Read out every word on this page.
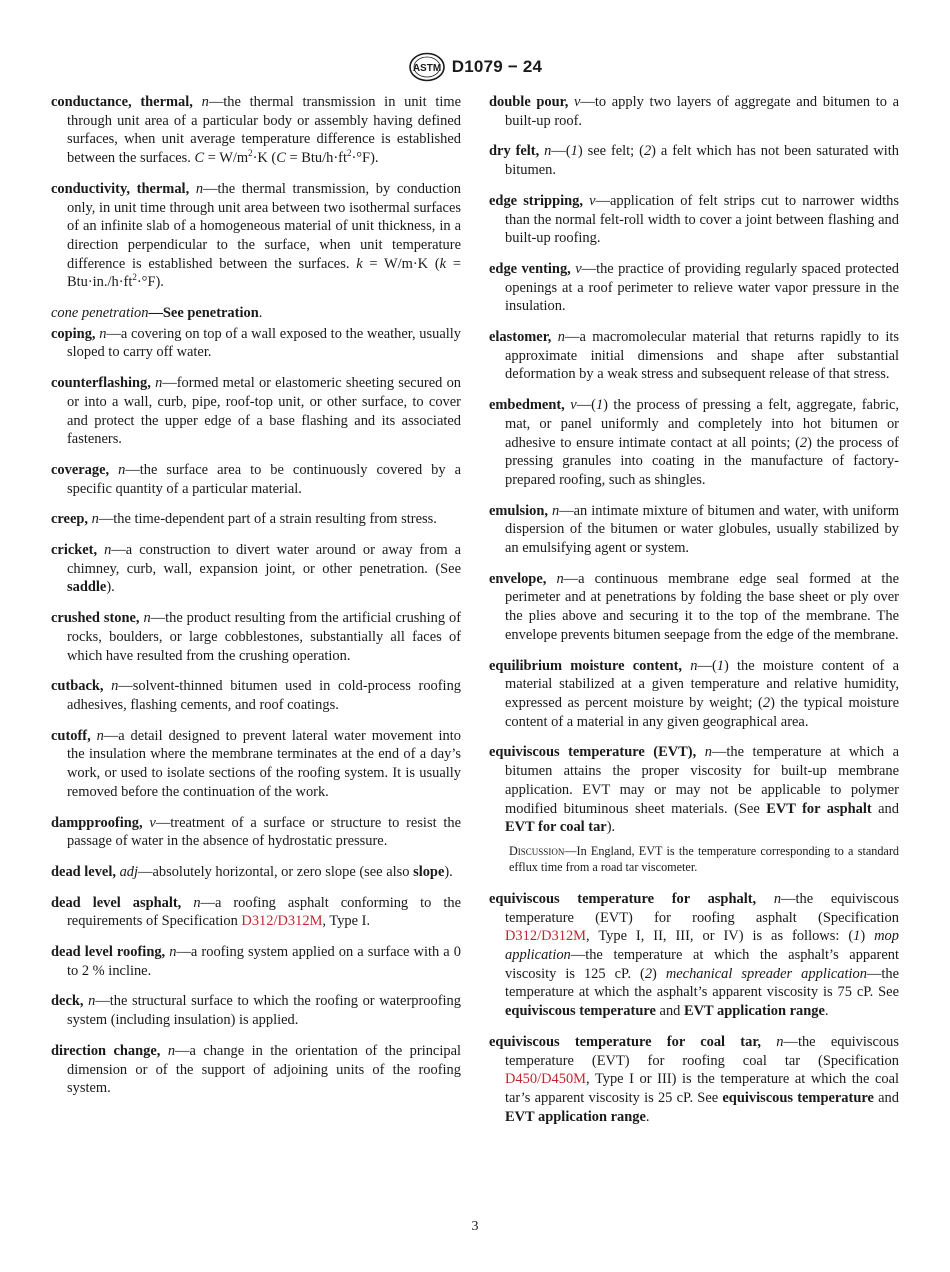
ASTM D1079 − 24

conductance, thermal, n—the thermal transmission in unit time through unit area of a particular body or assembly having defined surfaces, when unit average temperature difference is established between the surfaces. $C = W/m^2\cdot K$ (C = Btu/$h\cdot ft^2\cdot^\circ F$).

conductivity, thermal, n—the thermal transmission, by conduction only, in unit time through unit area between two isothermal surfaces of an infinite slab of a homogeneous material of unit thickness, in a direction perpendicular to the surface, when unit temperature difference is established between the surfaces. k = W/m·K $(k = Btu\cdot in./h\cdot ft^2\cdot^\circ F)$.

cone penetration—See penetration.

coping, n—a covering on top of a wall exposed to the weather, usually sloped to carry off water.

counterflashing, n—formed metal or elastomeric sheeting secured on or into a wall, curb, pipe, roof-top unit, or other surface, to cover and protect the upper edge of a base flashing and its associated fasteners.

coverage, n—the surface area to be continuously covered by a specific quantity of a particular material.

creep, n—the time-dependent part of a strain resulting from stress.

cricket, n—a construction to divert water around or away from a chimney, curb, wall, expansion joint, or other penetration. (See saddle).

crushed stone, n—the product resulting from the artificial crushing of rocks, boulders, or large cobblestones, substantially all faces of which have resulted from the crushing operation.

cutback, n—solvent-thinned bitumen used in cold-process roofing adhesives, flashing cements, and roof coatings.

cutoff, n—a detail designed to prevent lateral water movement into the insulation where the membrane terminates at the end of a day’s work, or used to isolate sections of the roofing system. It is usually removed before the continuation of the work.

dampproofing, v—treatment of a surface or structure to resist the passage of water in the absence of hydrostatic pressure.

dead level, adj—absolutely horizontal, or zero slope (see also slope).

dead level asphalt, n—a roofing asphalt conforming to the requirements of Specification D312/D312M, Type I.

dead level roofing, n—a roofing system applied on a surface with a 0 to 2 % incline.

deck, n—the structural surface to which the roofing or waterproofing system (including insulation) is applied.

direction change, n—a change in the orientation of the principal dimension or of the support of adjoining units of the roofing system.

double pour, v—to apply two layers of aggregate and bitumen to a built-up roof.

dry felt, n—(1) see felt; (2) a felt which has not been saturated with bitumen.

edge stripping, v—application of felt strips cut to narrower widths than the normal felt-roll width to cover a joint between flashing and built-up roofing.

edge venting, v—the practice of providing regularly spaced protected openings at a roof perimeter to relieve water vapor pressure in the insulation.

elastomer, n—a macromolecular material that returns rapidly to its approximate initial dimensions and shape after substantial deformation by a weak stress and subsequent release of that stress.

embedment, v—(1) the process of pressing a felt, aggregate, fabric, mat, or panel uniformly and completely into hot bitumen or adhesive to ensure intimate contact at all points; (2) the process of pressing granules into coating in the manufacture of factory-prepared roofing, such as shingles.

emulsion, n—an intimate mixture of bitumen and water, with uniform dispersion of the bitumen or water globules, usually stabilized by an emulsifying agent or system.

envelope, n—a continuous membrane edge seal formed at the perimeter and at penetrations by folding the base sheet or ply over the plies above and securing it to the top of the membrane. The envelope prevents bitumen seepage from the edge of the membrane.

equilibrium moisture content, n—(1) the moisture content of a material stabilized at a given temperature and relative humidity, expressed as percent moisture by weight; (2) the typical moisture content of a material in any given geographical area.

equiviscous temperature (EVT), n—the temperature at which a bitumen attains the proper viscosity for built-up membrane application. EVT may or may not be applicable to polymer modified bituminous sheet materials. (See EVT for asphalt and EVT for coal tar).

Discussion—In England, EVT is the temperature corresponding to a standard efflux time from a road tar viscometer.

equiviscous temperature for asphalt, n—the equiviscous temperature (EVT) for roofing asphalt (Specification D312/D312M, Type I, II, III, or IV) is as follows: (1) mop application—the temperature at which the asphalt’s apparent viscosity is 125 cP. (2) mechanical spreader application—the temperature at which the asphalt’s apparent viscosity is 75 cP. See equiviscous temperature and EVT application range.

equiviscous temperature for coal tar, n—the equiviscous temperature (EVT) for roofing coal tar (Specification D450/D450M, Type I or III) is the temperature at which the coal tar’s apparent viscosity is 25 cP. See equiviscous temperature and EVT application range.

3
